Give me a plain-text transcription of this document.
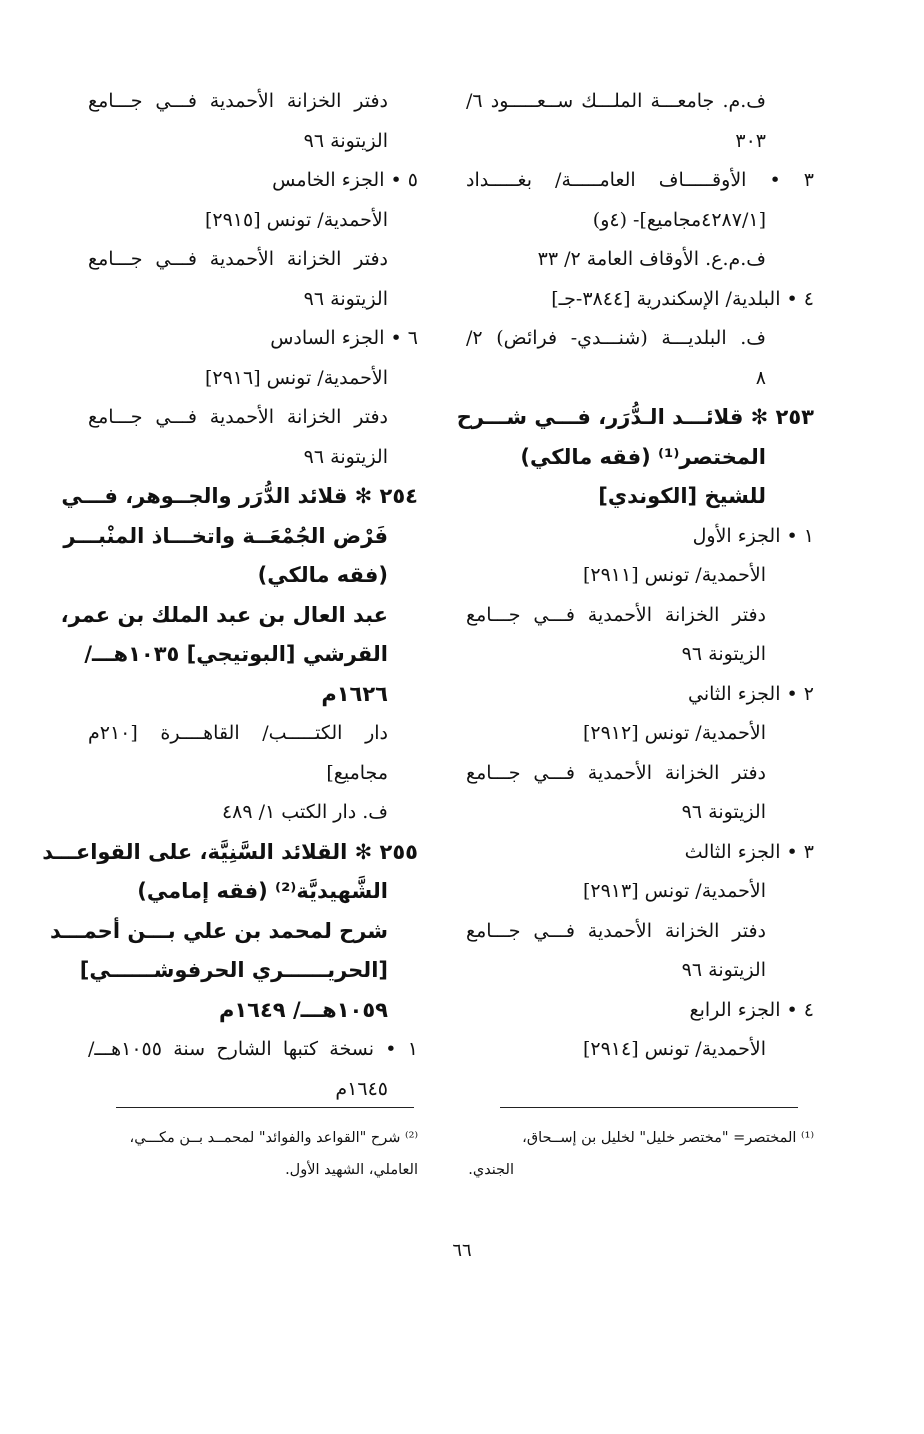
ف.م. جامعـــة الملـــك ســعـــــود ٦/
٣٠٣
٣ • الأوقـــــاف العامـــــة/ بغـــــداد
[٤٢٨٧/١مجاميع]- (٤و)
ف.م.ع. الأوقاف العامة ٢/ ٣٣
٤ • البلدية/ الإسكندرية [٣٨٤٤-جـ]
ف. البلديـــة (شنـــدي- فرائض) ٢/
٨
٢٥٣ ✻ قلائـــد الـدُّرَر، فـــي شـــرح
المختصر⁽¹⁾ (فقه مالكي)
للشيخ [الكوندي]
١ • الجزء الأول
الأحمدية/ تونس [٢٩١١]
دفتر الخزانة الأحمدية فـــي جـــامع
الزيتونة ٩٦
٢ • الجزء الثاني
الأحمدية/ تونس [٢٩١٢]
دفتر الخزانة الأحمدية فـــي جـــامع
الزيتونة ٩٦
٣ • الجزء الثالث
الأحمدية/ تونس [٢٩١٣]
دفتر الخزانة الأحمدية فـــي جـــامع
الزيتونة ٩٦
٤ • الجزء الرابع
الأحمدية/ تونس [٢٩١٤]
دفتر الخزانة الأحمدية فـــي جـــامع
الزيتونة ٩٦
٥ • الجزء الخامس
الأحمدية/ تونس [٢٩١٥]
دفتر الخزانة الأحمدية فـــي جـــامع
الزيتونة ٩٦
٦ • الجزء السادس
الأحمدية/ تونس [٢٩١٦]
دفتر الخزانة الأحمدية فـــي جـــامع
الزيتونة ٩٦
٢٥٤ ✻ قلائد الدُّرَر والجــوهر، فـــي
فَرْض الجُمْعَــة واتخـــاذ المنْبـــر
(فقه مالكي)
عبد العال بن عبد الملك بن عمر،
القرشي [البوتيجي] ١٠٣٥هـــ/
١٦٢٦م
دار الكتـــــب/ القاهــــرة [٢١٠م
مجاميع]
ف. دار الكتب ١/ ٤٨٩
٢٥٥ ✻ القلائد السَّنِيَّة، على القواعـــد
الشَّهيديَّة⁽²⁾ (فقه إمامي)
شرح لمحمد بن علي بـــن أحمـــد
[الحريــــــري الحرفوشــــــي]
١٠٥٩هـــ/ ١٦٤٩م
١ • نسخة كتبها الشارح سنة ١٠٥٥هـــ/
١٦٤٥م
⁽¹⁾ المختصر= "مختصر خليل" لخليل بن إســحاق،
الجندي.
⁽²⁾ شرح "القواعد والفوائد" لمحمــد بــن مكـــي،
العاملي، الشهيد الأول.
٦٦
